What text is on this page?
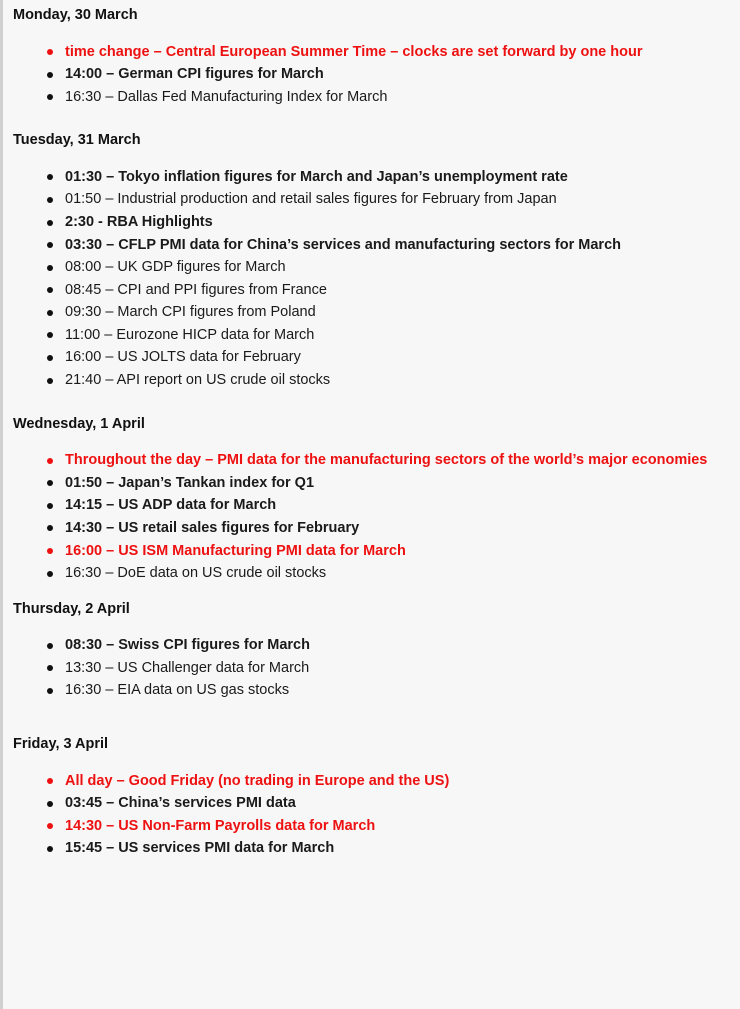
Monday, 30 March
time change – Central European Summer Time – clocks are set forward by one hour
14:00 – German CPI figures for March
16:30 – Dallas Fed Manufacturing Index for March
Tuesday, 31 March
01:30 – Tokyo inflation figures for March and Japan’s unemployment rate
01:50 – Industrial production and retail sales figures for February from Japan
2:30 - RBA Highlights
03:30 – CFLP PMI data for China’s services and manufacturing sectors for March
08:00 – UK GDP figures for March
08:45 – CPI and PPI figures from France
09:30 – March CPI figures from Poland
11:00 – Eurozone HICP data for March
16:00 – US JOLTS data for February
21:40 – API report on US crude oil stocks
Wednesday, 1 April
Throughout the day – PMI data for the manufacturing sectors of the world’s major economies
01:50 – Japan’s Tankan index for Q1
14:15 – US ADP data for March
14:30 – US retail sales figures for February
16:00 – US ISM Manufacturing PMI data for March
16:30 – DoE data on US crude oil stocks
Thursday, 2 April
08:30 – Swiss CPI figures for March
13:30 – US Challenger data for March
16:30 – EIA data on US gas stocks
Friday, 3 April
All day – Good Friday (no trading in Europe and the US)
03:45 – China’s services PMI data
14:30 – US Non-Farm Payrolls data for March
15:45 – US services PMI data for March
